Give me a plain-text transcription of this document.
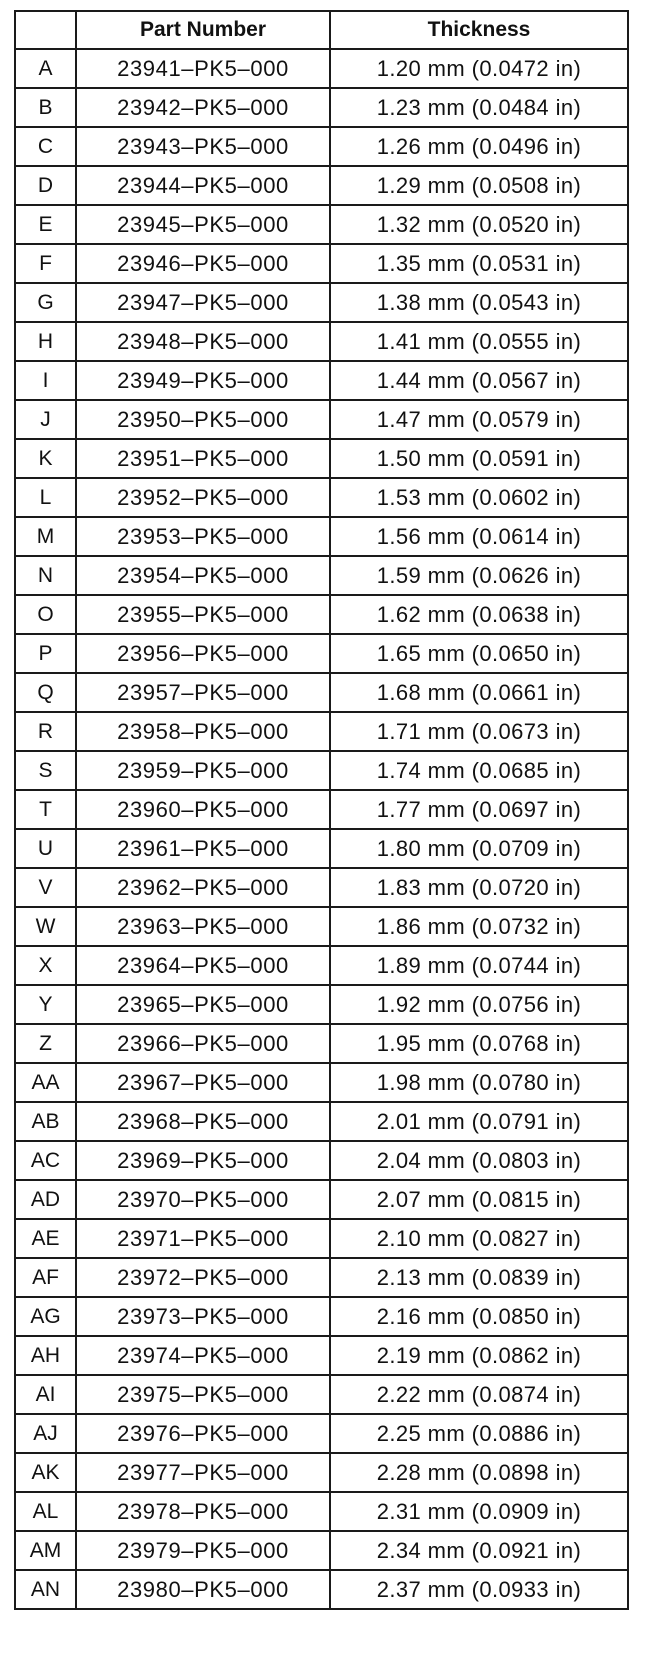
	Part Number	Thickness
A	23941–PK5–000	1.20 mm (0.0472 in)
B	23942–PK5–000	1.23 mm (0.0484 in)
C	23943–PK5–000	1.26 mm (0.0496 in)
D	23944–PK5–000	1.29 mm (0.0508 in)
E	23945–PK5–000	1.32 mm (0.0520 in)
F	23946–PK5–000	1.35 mm (0.0531 in)
G	23947–PK5–000	1.38 mm (0.0543 in)
H	23948–PK5–000	1.41 mm (0.0555 in)
I	23949–PK5–000	1.44 mm (0.0567 in)
J	23950–PK5–000	1.47 mm (0.0579 in)
K	23951–PK5–000	1.50 mm (0.0591 in)
L	23952–PK5–000	1.53 mm (0.0602 in)
M	23953–PK5–000	1.56 mm (0.0614 in)
N	23954–PK5–000	1.59 mm (0.0626 in)
O	23955–PK5–000	1.62 mm (0.0638 in)
P	23956–PK5–000	1.65 mm (0.0650 in)
Q	23957–PK5–000	1.68 mm (0.0661 in)
R	23958–PK5–000	1.71 mm (0.0673 in)
S	23959–PK5–000	1.74 mm (0.0685 in)
T	23960–PK5–000	1.77 mm (0.0697 in)
U	23961–PK5–000	1.80 mm (0.0709 in)
V	23962–PK5–000	1.83 mm (0.0720 in)
W	23963–PK5–000	1.86 mm (0.0732 in)
X	23964–PK5–000	1.89 mm (0.0744 in)
Y	23965–PK5–000	1.92 mm (0.0756 in)
Z	23966–PK5–000	1.95 mm (0.0768 in)
AA	23967–PK5–000	1.98 mm (0.0780 in)
AB	23968–PK5–000	2.01 mm (0.0791 in)
AC	23969–PK5–000	2.04 mm (0.0803 in)
AD	23970–PK5–000	2.07 mm (0.0815 in)
AE	23971–PK5–000	2.10 mm (0.0827 in)
AF	23972–PK5–000	2.13 mm (0.0839 in)
AG	23973–PK5–000	2.16 mm (0.0850 in)
AH	23974–PK5–000	2.19 mm (0.0862 in)
AI	23975–PK5–000	2.22 mm (0.0874 in)
AJ	23976–PK5–000	2.25 mm (0.0886 in)
AK	23977–PK5–000	2.28 mm (0.0898 in)
AL	23978–PK5–000	2.31 mm (0.0909 in)
AM	23979–PK5–000	2.34 mm (0.0921 in)
AN	23980–PK5–000	2.37 mm (0.0933 in)
